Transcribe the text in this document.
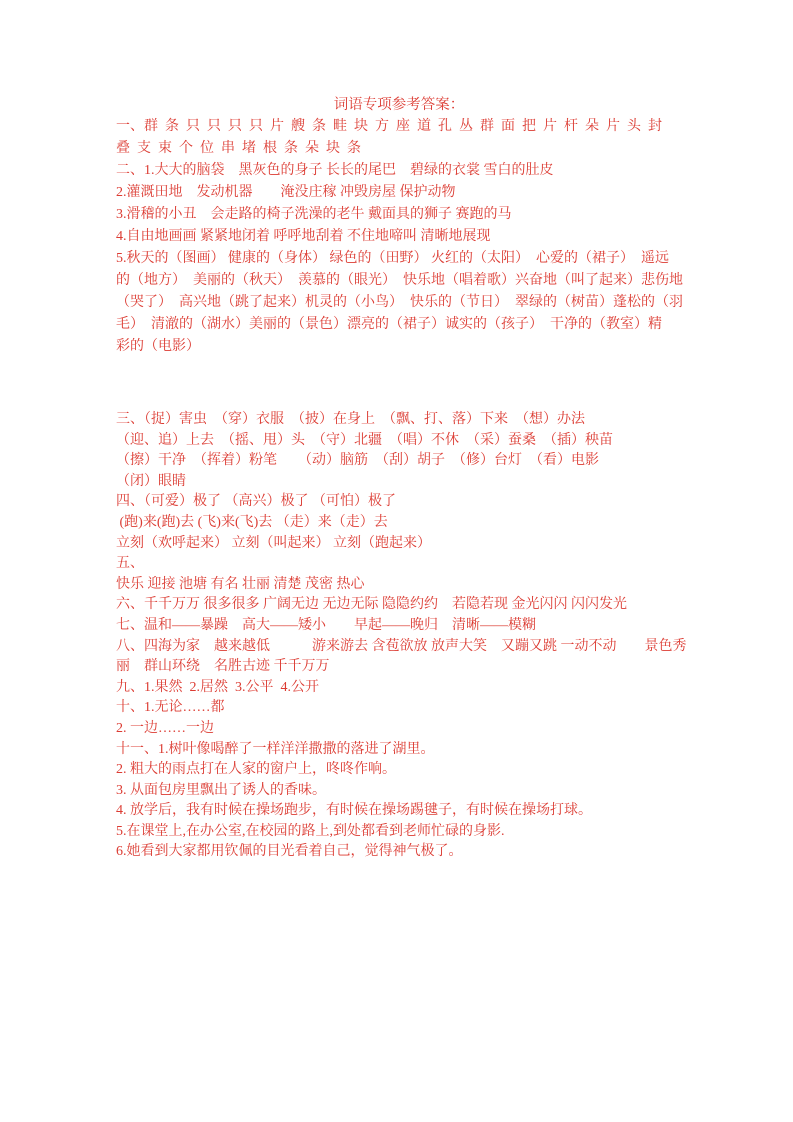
词语专项参考答案：
一、群 条 只 只 只 只 片 艘 条 畦 块 方 座 道 孔 丛 群 面 把 片 杆 朵 片 头 封
叠 支 束 个 位 串 堵 根 条 朵 块 条
二、1.大大的脑袋　黑灰色的身子 长长的尾巴　碧绿的衣裳 雪白的肚皮
2.灌溉田地　发动机器　　淹没庄稼 冲毁房屋 保护动物
3.滑稽的小丑　会走路的椅子洗澡的老牛 戴面具的狮子 赛跑的马
4.自由地画画 紧紧地闭着 呼呼地刮着 不住地啼叫 清晰地展现
5.秋天的（图画） 健康的（身体） 绿色的（田野） 火红的（太阳）　心爱的（裙子）　遥远
的（地方）　美丽的（秋天）　羡慕的（眼光）　快乐地（唱着歌）兴奋地（叫了起来）悲伤地
（哭了）　高兴地（跳了起来）机灵的（小鸟）　快乐的（节日）　翠绿的（树苗）蓬松的（羽
毛）　清澈的（湖水）美丽的（景色）漂亮的（裙子）诚实的（孩子）　干净的（教室）精
彩的（电影）
三、（捉）害虫　（穿）衣服　（披）在身上　（飘、打、落）下来　（想）办法
（迎、追）上去　（摇、甩）头　（守）北疆　（唱）不休　（采）蚕桑　（插）秧苗
（擦）干净　（挥着）粉笔　　（动）脑筋　（刮）胡子　（修）台灯　（看）电影
（闭）眼睛
四、（可爱）极了 （高兴）极了 （可怕）极了
(跑)来(跑)去 (飞)来(飞)去 （走）来（走）去
立刻（欢呼起来） 立刻（叫起来） 立刻（跑起来）
五、
快乐 迎接 池塘 有名 壮丽 清楚 茂密 热心
六、千千万万 很多很多 广阔无边 无边无际 隐隐约约　若隐若现 金光闪闪 闪闪发光
七、温和——暴躁　高大——矮小　　早起——晚归　清晰——模糊
八、四海为家　越来越低　　　游来游去 含苞欲放 放声大笑　又蹦又跳 一动不动　　景色秀
丽　群山环绕　名胜古迹 千千万万
九、1.果然  2.居然  3.公平  4.公开
十、1.无论……都
2. 一边……一边
十一、1.树叶像喝醉了一样洋洋撒撒的落进了湖里。
2. 粗大的雨点打在人家的窗户上，咚咚作响。
3. 从面包房里飘出了诱人的香味。
4. 放学后，我有时候在操场跑步，有时候在操场踢毽子，有时候在操场打球。
5.在课堂上,在办公室,在校园的路上,到处都看到老师忙碌的身影.
6.她看到大家都用钦佩的目光看着自己，觉得神气极了。
